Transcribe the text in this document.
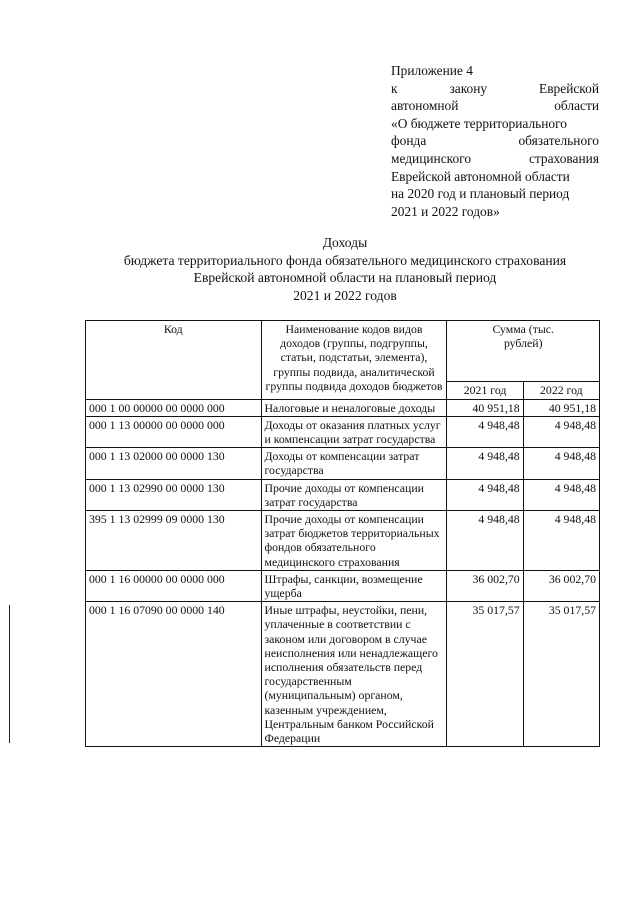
Приложение 4
к	закону	Еврейской
автономной	области
«О бюджете территориального
фонда	обязательного
медицинского	страхования
Еврейской автономной области
на 2020 год и плановый период
2021 и 2022 годов»
Доходы
бюджета территориального фонда обязательного медицинского страхования
Еврейской автономной области на плановый период
2021 и 2022 годов
Код	Наименование кодов видов доходов (группы, подгруппы, статьи, подстатьи, элемента), группы подвида, аналитической группы подвида доходов бюджетов	Сумма (тыс. рублей)	

		2021 год	2022 год
000 1 00 00000 00 0000 000	Налоговые и неналоговые доходы	40 951,18	40 951,18
000 1 13 00000 00 0000 000	Доходы от оказания платных услуг и компенсации затрат государства	4 948,48	4 948,48
000 1 13 02000 00 0000 130	Доходы от компенсации затрат государства	4 948,48	4 948,48
000 1 13 02990 00 0000 130	Прочие доходы от компенсации затрат государства	4 948,48	4 948,48
395 1 13 02999 09 0000 130	Прочие доходы от компенсации затрат бюджетов территориальных фондов обязательного медицинского страхования	4 948,48	4 948,48
000 1 16 00000 00 0000 000	Штрафы, санкции, возмещение ущерба	36 002,70	36 002,70
000 1 16 07090 00 0000 140	Иные штрафы, неустойки, пени, уплаченные в соответствии с законом или договором в случае неисполнения или ненадлежащего исполнения обязательств перед государственным (муниципальным) органом, казенным учреждением, Центральным банком Российской Федерации	35 017,57	35 017,57
